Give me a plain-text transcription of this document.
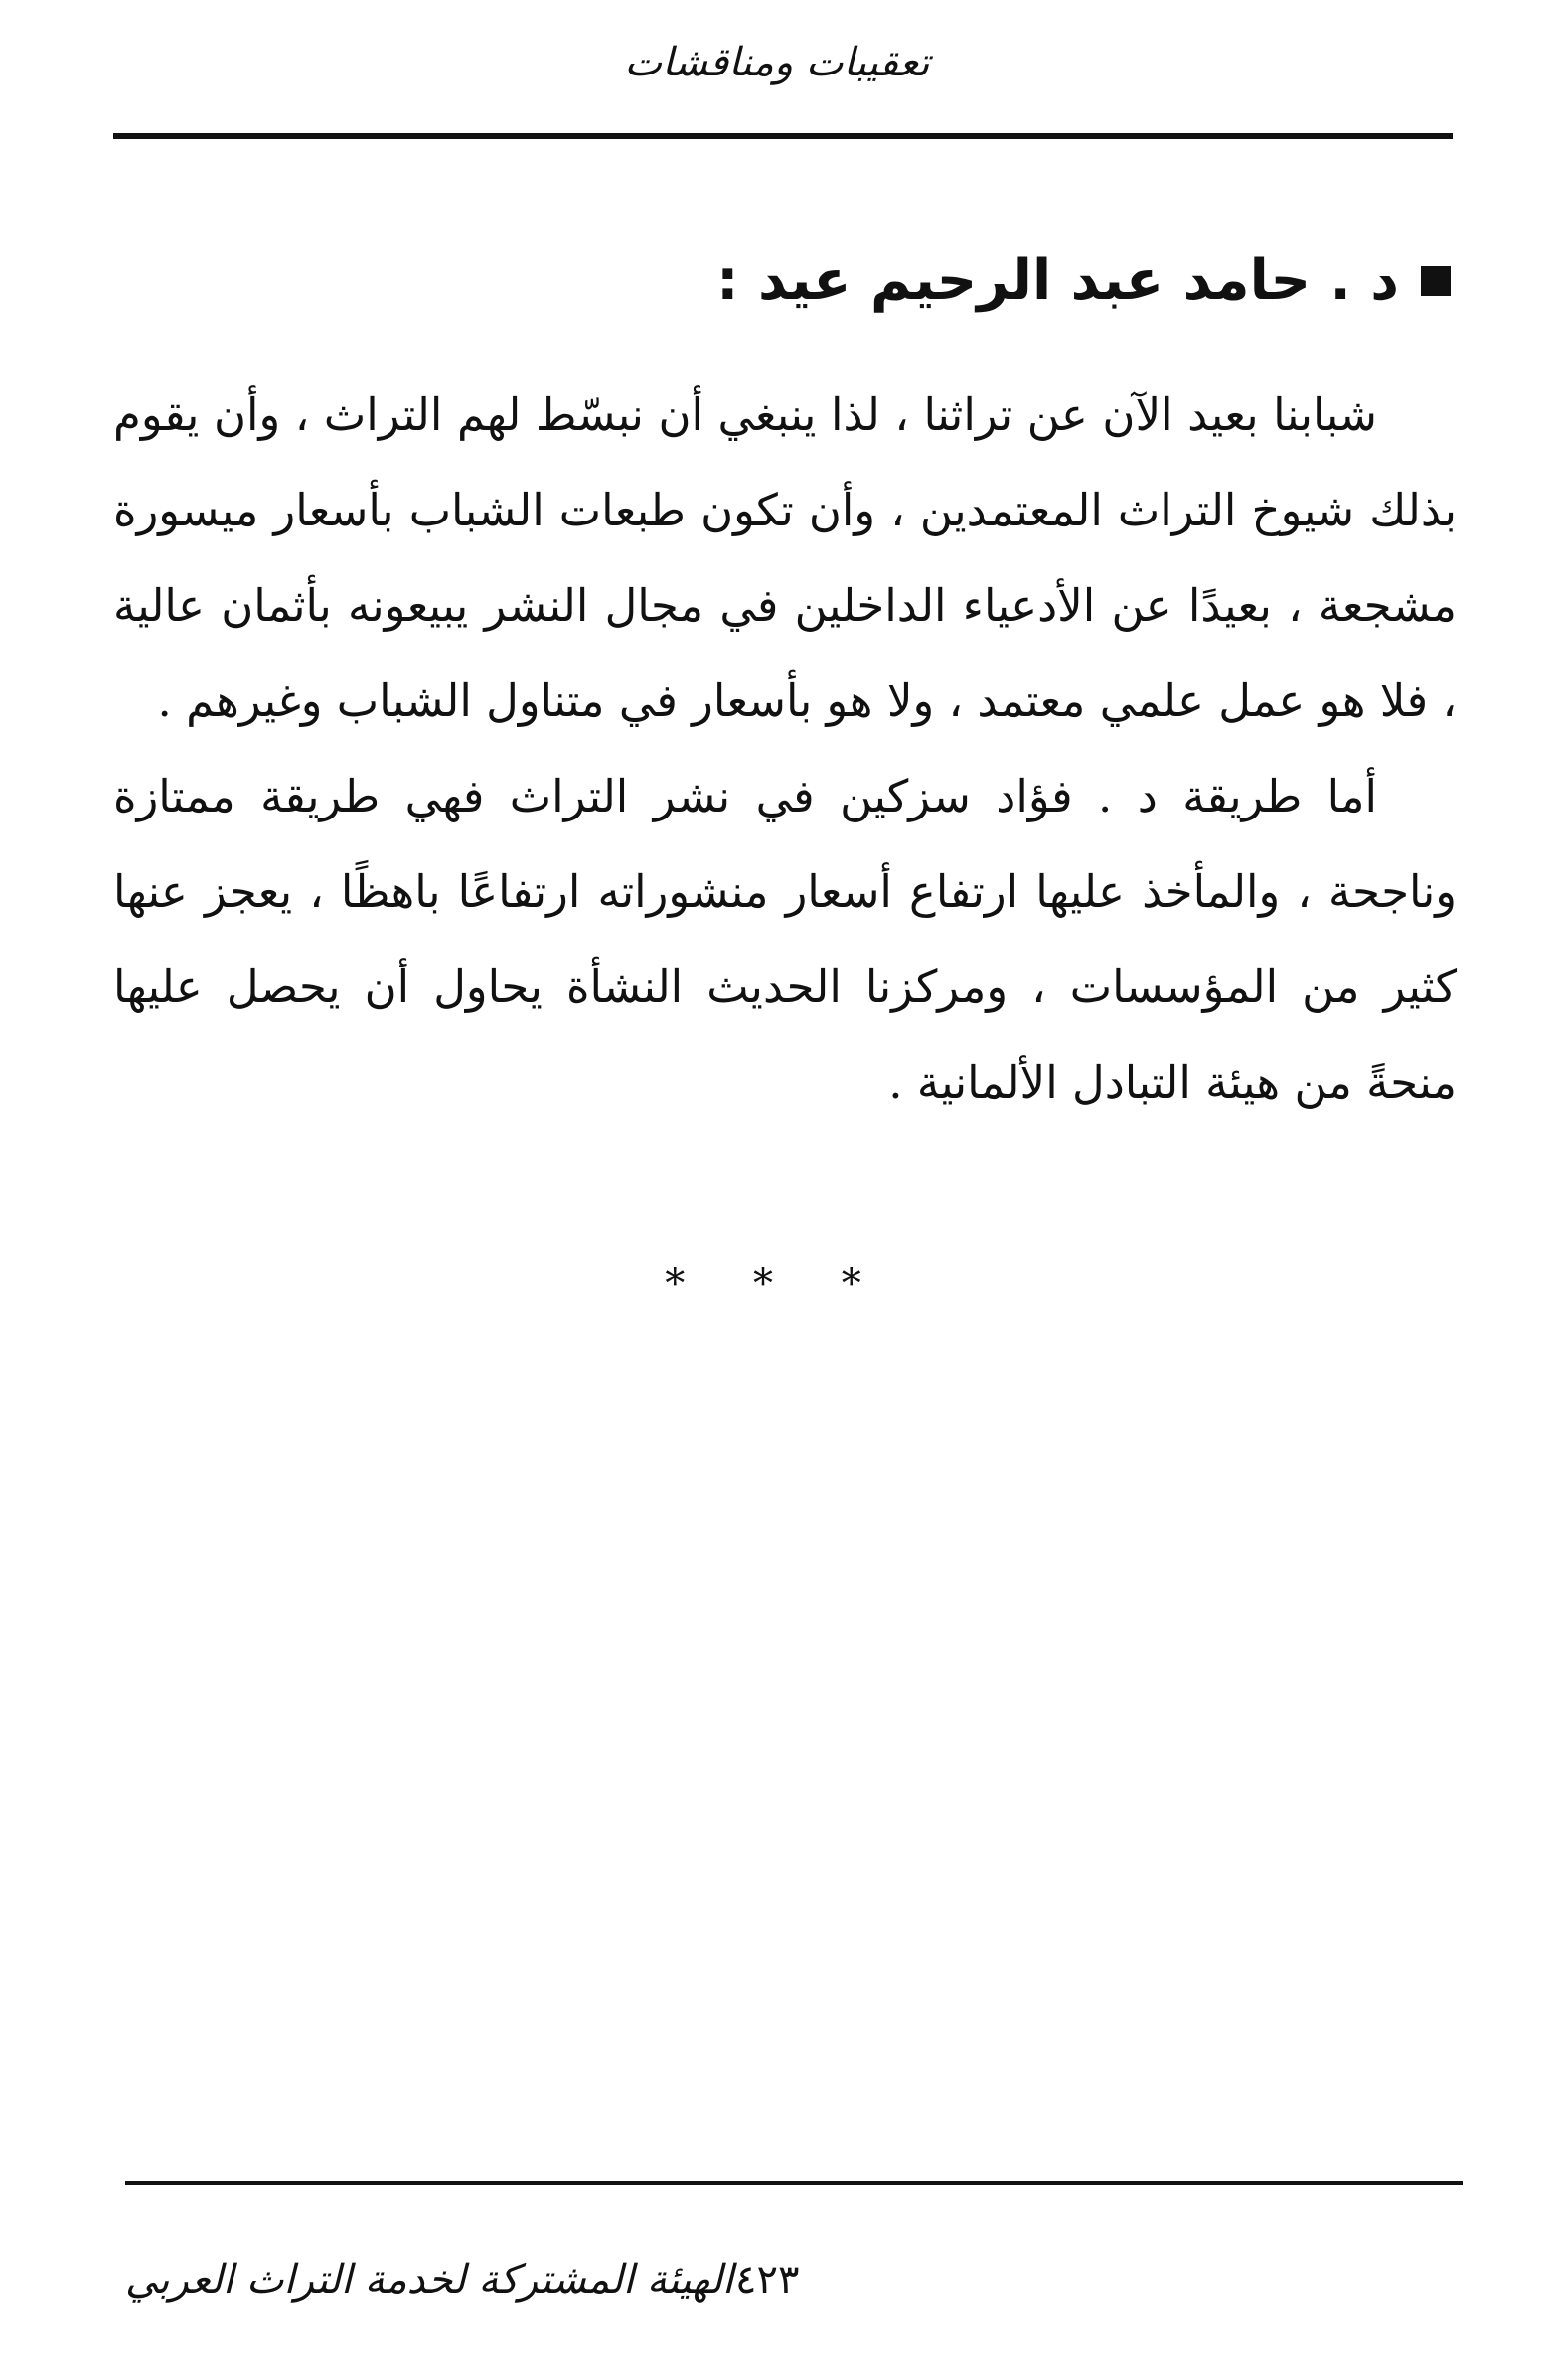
تعقيبات ومناقشات
د . حامد عبد الرحيم عيد :

شبابنا بعيد الآن عن تراثنا ، لذا ينبغي أن نبسّط لهم التراث ، وأن يقوم بذلك شيوخ التراث المعتمدين ، وأن تكون طبعات الشباب بأسعار ميسورة مشجعة ، بعيدًا عن الأدعياء الداخلين في مجال النشر يبيعونه بأثمان عالية ، فلا هو عمل علمي معتمد ، ولا هو بأسعار في متناول الشباب وغيرهم .

أما طريقة د . فؤاد سزكين في نشر التراث فهي طريقة ممتازة وناجحة ، والمأخذ عليها ارتفاع أسعار منشوراته ارتفاعًا باهظًا ، يعجز عنها كثير من المؤسسات ، ومركزنا الحديث النشأة يحاول أن يحصل عليها منحةً من هيئة التبادل الألمانية .

* * *
الهيئة المشتركة لخدمة التراث العربي ٤٢٣
